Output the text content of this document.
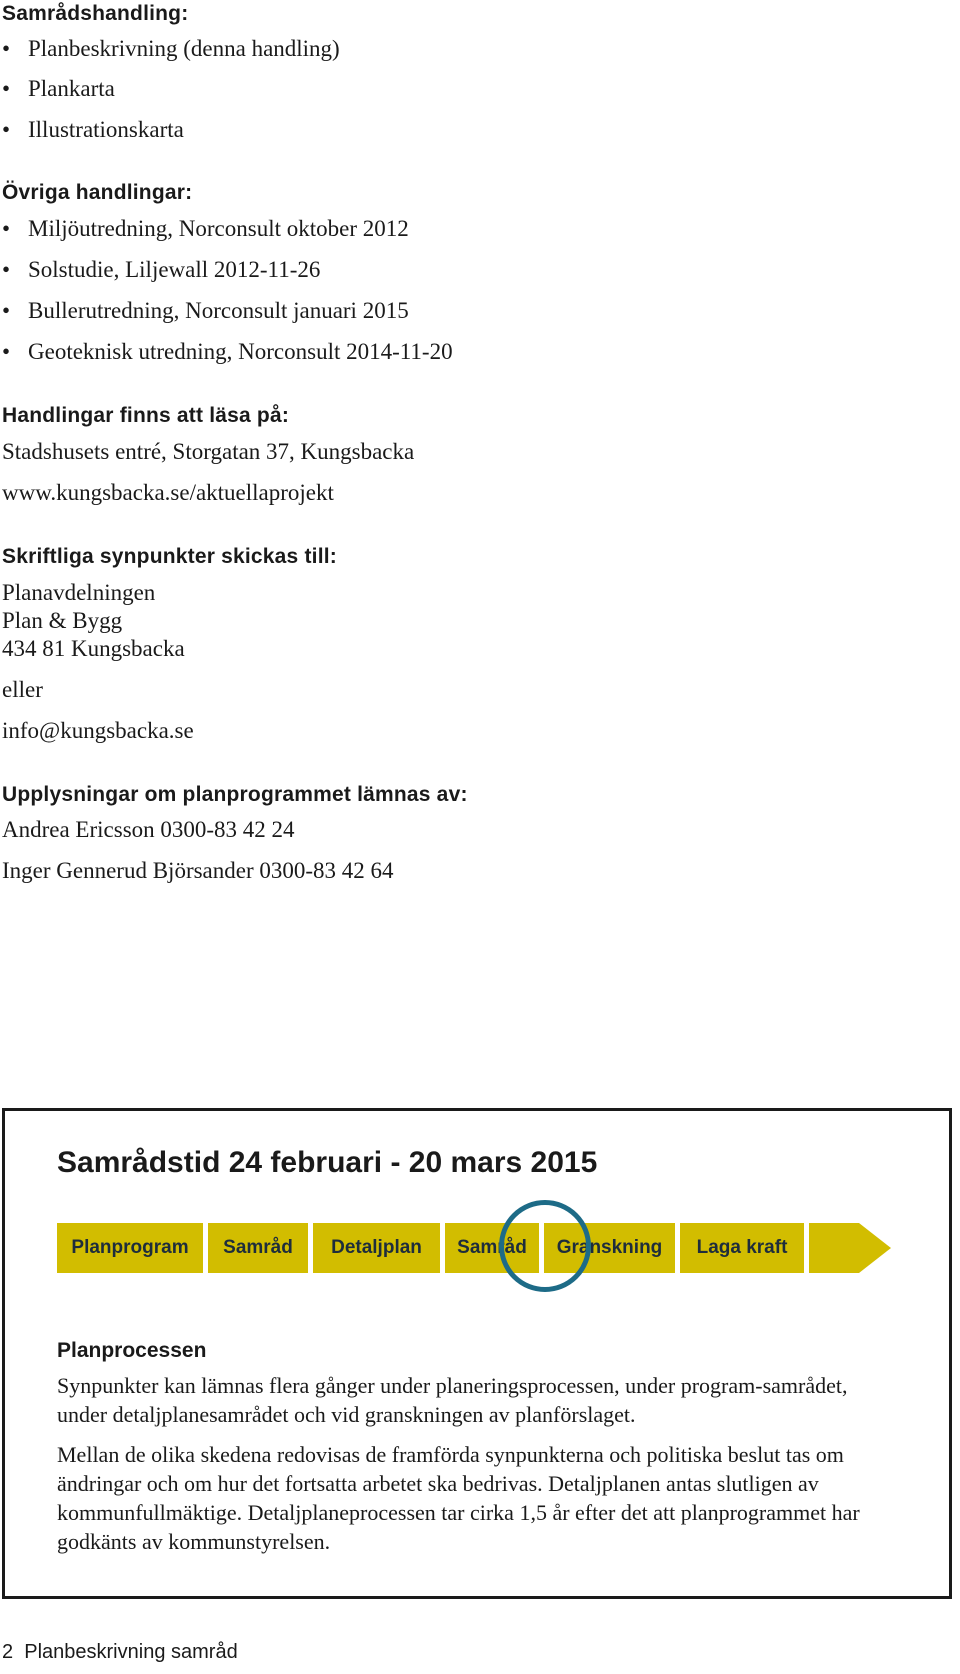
Samrådshandling:
• Planbeskrivning (denna handling)
• Plankarta
• Illustrationskarta
Övriga handlingar:
• Miljöutredning, Norconsult oktober 2012
• Solstudie, Liljewall 2012-11-26
• Bullerutredning, Norconsult januari 2015
• Geoteknisk utredning, Norconsult 2014-11-20
Handlingar finns att läsa på:
Stadshusets entré, Storgatan 37, Kungsbacka
www.kungsbacka.se/aktuellaprojekt
Skriftliga synpunkter skickas till:
Planavdelningen
Plan & Bygg
434 81 Kungsbacka
eller
info@kungsbacka.se
Upplysningar om planprogrammet lämnas av:
Andrea Ericsson 0300-83 42 24
Inger Gennerud Björsander 0300-83 42 64
Samrådstid 24 februari - 20 mars 2015
Planprogram	Samråd	Detaljplan	Samråd	Granskning	Laga kraft
Planprocessen
Synpunkter kan lämnas flera gånger under planeringsprocessen, under program-samrådet, under detaljplanesamrådet och vid granskningen av planförslaget.
Mellan de olika skedena redovisas de framförda synpunkterna och politiska beslut tas om ändringar och om hur det fortsatta arbetet ska bedrivas. Detaljplanen antas slutligen av kommunfullmäktige. Detaljplaneprocessen tar cirka 1,5 år efter det att planprogrammet har godkänts av kommunstyrelsen.
2 Planbeskrivning samråd
